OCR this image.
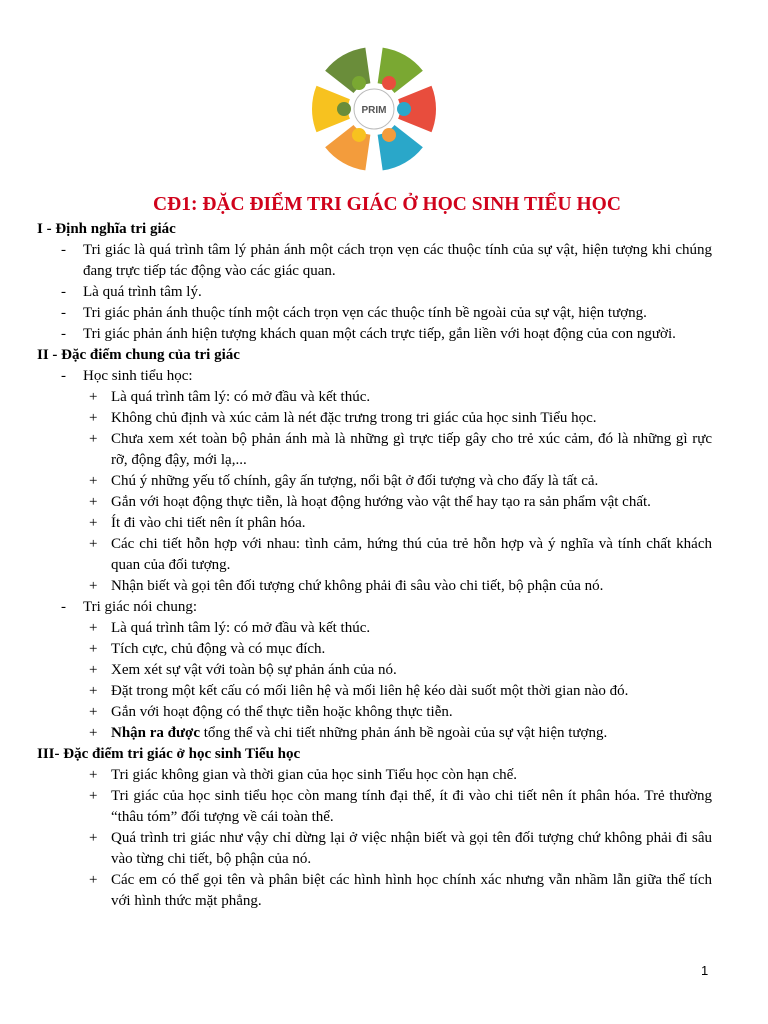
PRIM
CĐ1: ĐẶC ĐIỂM TRI GIÁC Ở HỌC SINH TIỂU HỌC

I - Định nghĩa tri giác

- Tri giác là quá trình tâm lý phản ánh một cách trọn vẹn các thuộc tính của sự vật, hiện tượng khi chúng đang trực tiếp tác động vào các giác quan.
- Là quá trình tâm lý.
- Tri giác phản ánh thuộc tính một cách trọn vẹn các thuộc tính bề ngoài của sự vật, hiện tượng.
- Tri giác phản ánh hiện tượng khách quan một cách trực tiếp, gắn liền với hoạt động của con người.

II - Đặc điểm chung của tri giác

- Học sinh tiểu học:
+ Là quá trình tâm lý: có mở đầu và kết thúc.
+ Không chủ định và xúc cảm là nét đặc trưng trong tri giác của học sinh Tiểu học.
+ Chưa xem xét toàn bộ phản ánh mà là những gì trực tiếp gây cho trẻ xúc cảm, đó là những gì rực rỡ, động đậy, mới lạ,...
+ Chú ý những yếu tố chính, gây ấn tượng, nổi bật ở đối tượng và cho đấy là tất cả.
+ Gắn với hoạt động thực tiễn, là hoạt động hướng vào vật thể hay tạo ra sản phẩm vật chất.
+ Ít đi vào chi tiết nên ít phân hóa.
+ Các chi tiết hỗn hợp với nhau: tình cảm, hứng thú của trẻ hỗn hợp và ý nghĩa và tính chất khách quan của đối tượng.
+ Nhận biết và gọi tên đối tượng chứ không phải đi sâu vào chi tiết, bộ phận của nó.
- Tri giác nói chung:
+ Là quá trình tâm lý: có mở đầu và kết thúc.
+ Tích cực, chủ động và có mục đích.
+ Xem xét sự vật với toàn bộ sự phản ánh của nó.
+ Đặt trong một kết cấu có mối liên hệ và mối liên hệ kéo dài suốt một thời gian nào đó.
+ Gắn với hoạt động có thể thực tiễn hoặc không thực tiễn.
+ Nhận ra được tổng thể và chi tiết những phản ánh bề ngoài của sự vật hiện tượng.

III- Đặc điểm tri giác ở học sinh Tiểu học

+ Tri giác không gian và thời gian của học sinh Tiểu học còn hạn chế.
+ Tri giác của học sinh tiểu học còn mang tính đại thể, ít đi vào chi tiết nên ít phân hóa. Trẻ thường “thâu tóm” đối tượng về cái toàn thể.
+ Quá trình tri giác như vậy chỉ dừng lại ở việc nhận biết và gọi tên đối tượng chứ không phải đi sâu vào từng chi tiết, bộ phận của nó.
+ Các em có thể gọi tên và phân biệt các hình hình học chính xác nhưng vẫn nhầm lẫn giữa thể tích với hình thức mặt phẳng.
1
